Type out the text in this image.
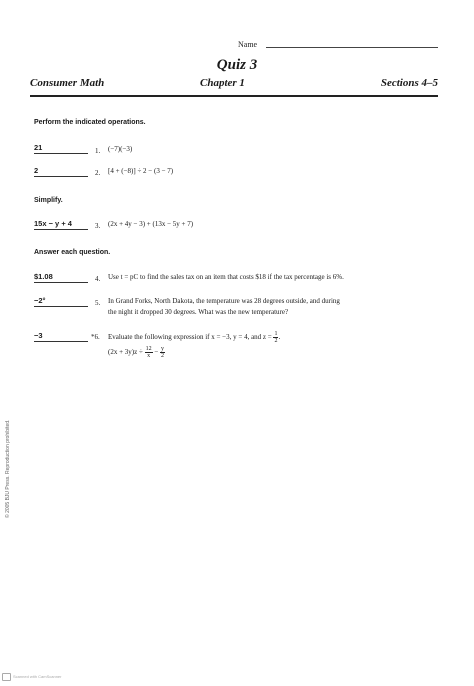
Name
Quiz 3
Consumer Math	Chapter 1	Sections 4–5
Perform the indicated operations.
21	1. (−7)(−3)
2	2. [4 + (−8)] ÷ 2 − (3 − 7)
Simplify.
15x − y + 4	3. (2x + 4y − 3) + (13x − 5y + 7)
Answer each question.
$1.08	4. Use t = pC to find the sales tax on an item that costs $18 if the tax percentage is 6%.
−2°	5. In Grand Forks, North Dakota, the temperature was 28 degrees outside, and during
the night it dropped 30 degrees. What was the new temperature?
−3	*6. Evaluate the following expression if x = −3, y = 4, and $z = \frac{1}{2}$ .
$(2x + 3y)z \div \frac{12}{x} - \frac{y}{2}$
© 2005 BJU Press. Reproduction prohibited.
Scanned with CamScanner
